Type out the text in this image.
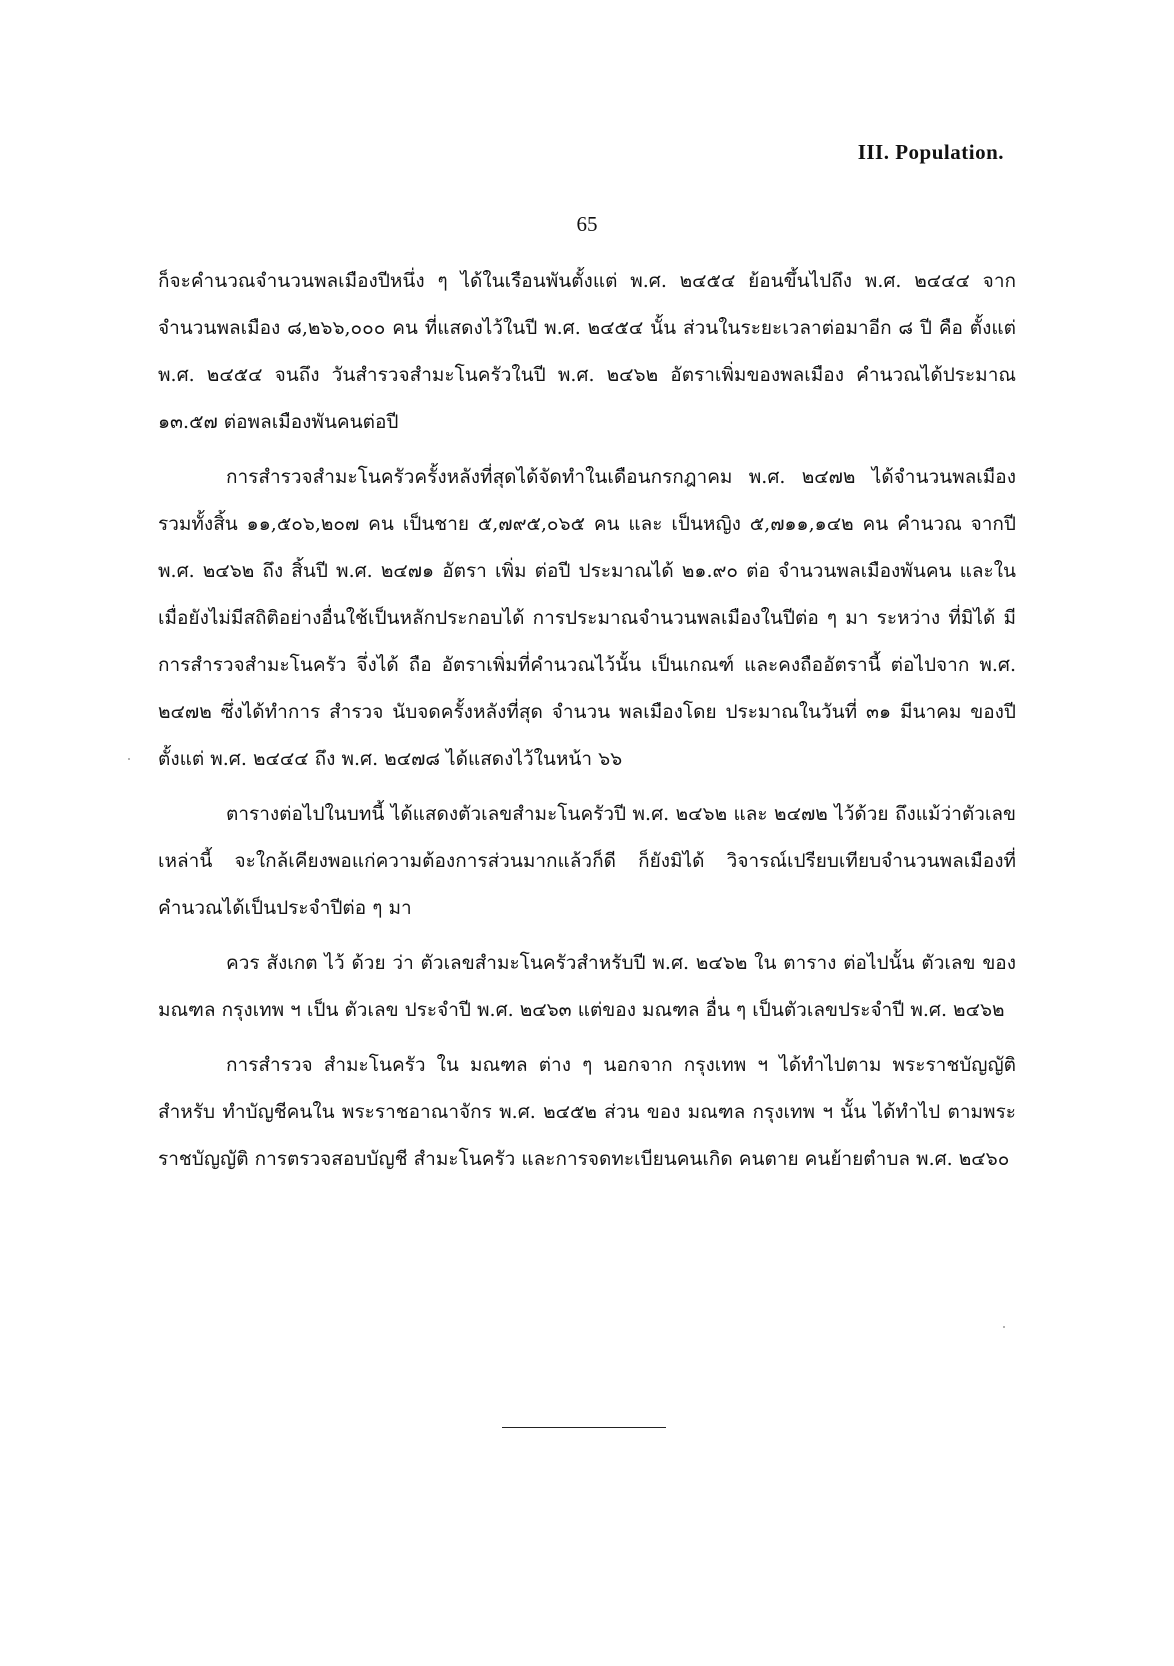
III. Population.
65

ก็จะคำนวณจำนวนพลเมืองปีหนึ่ง ๆ ได้ในเรือนพันตั้งแต่ พ.ศ. ๒๔๕๔ ย้อนขึ้นไปถึง พ.ศ. ๒๔๔๔ จากจำนวนพลเมือง ๘,๒๖๖,๐๐๐ คน ที่แสดงไว้ในปี พ.ศ. ๒๔๕๔ นั้น ส่วนในระยะเวลาต่อมาอีก ๘ ปี คือ ตั้งแต่ พ.ศ. ๒๔๕๔ จนถึง วันสำรวจสำมะโนครัวในปี พ.ศ. ๒๔๖๒ อัตราเพิ่มของพลเมือง คำนวณได้ประมาณ ๑๓.๕๗ ต่อพลเมืองพันคนต่อปี

การสำรวจสำมะโนครัวครั้งหลังที่สุดได้จัดทำในเดือนกรกฎาคม พ.ศ. ๒๔๗๒ ได้จำนวนพลเมือง รวมทั้งสิ้น ๑๑,๕๐๖,๒๐๗ คน เป็นชาย ๕,๗๙๕,๐๖๕ คน และ เป็นหญิง ๕,๗๑๑,๑๔๒ คน คำนวณ จากปี พ.ศ. ๒๔๖๒ ถึง สิ้นปี พ.ศ. ๒๔๗๑ อัตรา เพิ่ม ต่อปี ประมาณได้ ๒๑.๙๐ ต่อ จำนวนพลเมืองพันคน และในเมื่อยังไม่มีสถิติอย่างอื่นใช้เป็นหลักประกอบได้ การประมาณจำนวนพลเมืองในปีต่อ ๆ มา ระหว่าง ที่มิได้ มีการสำรวจสำมะโนครัว จึ่งได้ ถือ อัตราเพิ่มที่คำนวณไว้นั้น เป็นเกณฑ์ และคงถืออัตรานี้ ต่อไปจาก พ.ศ. ๒๔๗๒ ซึ่งได้ทำการ สำรวจ นับจดครั้งหลังที่สุด จำนวน พลเมืองโดย ประมาณในวันที่ ๓๑ มีนาคม ของปี ตั้งแต่ พ.ศ. ๒๔๔๔ ถึง พ.ศ. ๒๔๗๘ ได้แสดงไว้ในหน้า ๖๖

ตารางต่อไปในบทนี้ ได้แสดงตัวเลขสำมะโนครัวปี พ.ศ. ๒๔๖๒ และ ๒๔๗๒ ไว้ด้วย ถึงแม้ว่าตัวเลขเหล่านี้ จะใกล้เคียงพอแก่ความต้องการส่วนมากแล้วก็ดี ก็ยังมิได้ วิจารณ์เปรียบเทียบจำนวนพลเมืองที่คำนวณได้เป็นประจำปีต่อ ๆ มา

ควร สังเกต ไว้ ด้วย ว่า ตัวเลขสำมะโนครัวสำหรับปี พ.ศ. ๒๔๖๒ ใน ตาราง ต่อไปนั้น ตัวเลข ของมณฑล กรุงเทพ ฯ เป็น ตัวเลข ประจำปี พ.ศ. ๒๔๖๓ แต่ของ มณฑล อื่น ๆ เป็นตัวเลขประจำปี พ.ศ. ๒๔๖๒

การสำรวจ สำมะโนครัว ใน มณฑล ต่าง ๆ นอกจาก กรุงเทพ ฯ ได้ทำไปตาม พระราชบัญญัติ สำหรับ ทำบัญชีคนใน พระราชอาณาจักร พ.ศ. ๒๔๕๒ ส่วน ของ มณฑล กรุงเทพ ฯ นั้น ได้ทำไป ตามพระราชบัญญัติ การตรวจสอบบัญชี สำมะโนครัว และการจดทะเบียนคนเกิด คนตาย คนย้ายตำบล พ.ศ. ๒๔๖๐
